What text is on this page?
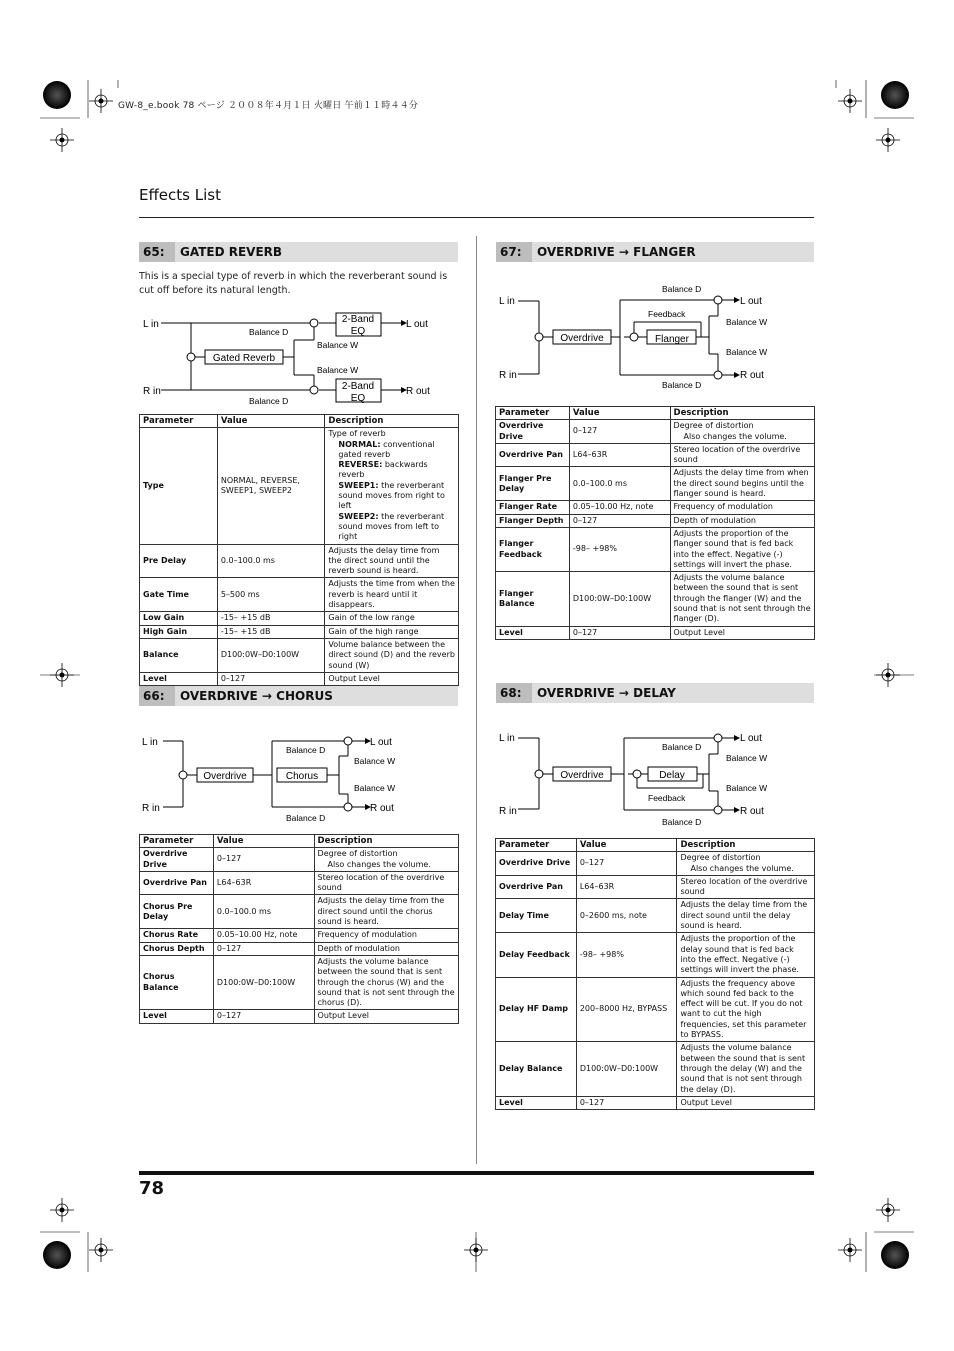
GW-8_e.book 78 ページ ２００８年４月１日 火曜日 午前１１時４４分
Effects List
78
65:	GATED REVERB
This is a special type of reverb in which the reverberant sound is cut off before its natural length.
L in
R in
L out
R out
Gated Reverb
2-Band
EQ
2-Band
EQ
Balance D
Balance D
Balance W
Balance W
Parameter	Value	Description
Type	NORMAL, REVERSE, SWEEP1, SWEEP2	Type of reverb
NORMAL: conventional gated reverb
REVERSE: backwards reverb
SWEEP1: the reverberant sound moves from right to left
SWEEP2: the reverberant sound moves from left to right

Pre Delay	0.0–100.0 ms	Adjusts the delay time from the direct sound until the reverb sound is heard.
Gate Time	5–500 ms	Adjusts the time from when the reverb is heard until it disappears.
Low Gain	-15– +15 dB	Gain of the low range
High Gain	-15– +15 dB	Gain of the high range
Balance	D100:0W–D0:100W	Volume balance between the direct sound (D) and the reverb sound (W)
Level	0–127	Output Level
66:	OVERDRIVE → CHORUS
L in
R in
L out
R out
Overdrive	Chorus
Balance D
Balance D
Balance W
Balance W
Parameter	Value	Description
Overdrive Drive	0–127	Degree of distortion
Also changes the volume.

Overdrive Pan	L64–63R	Stereo location of the overdrive sound
Chorus Pre Delay	0.0–100.0 ms	Adjusts the delay time from the direct sound until the chorus sound is heard.
Chorus Rate	0.05–10.00 Hz, note	Frequency of modulation
Chorus Depth	0–127	Depth of modulation
Chorus Balance	D100:0W–D0:100W	Adjusts the volume balance between the sound that is sent through the chorus (W) and the sound that is not sent through the chorus (D).
Level	0–127	Output Level
67:	OVERDRIVE → FLANGER
L in
R in
L out
R out
Overdrive	Flanger
Feedback
Balance D
Balance D
Balance W
Balance W
Parameter	Value	Description
Overdrive Drive	0–127	Degree of distortion
Also changes the volume.

Overdrive Pan	L64–63R	Stereo location of the overdrive sound
Flanger Pre Delay	0.0–100.0 ms	Adjusts the delay time from when the direct sound begins until the flanger sound is heard.
Flanger Rate	0.05–10.00 Hz, note	Frequency of modulation
Flanger Depth	0–127	Depth of modulation
Flanger Feedback	-98– +98%	Adjusts the proportion of the flanger sound that is fed back into the effect. Negative (-) settings will invert the phase.
Flanger Balance	D100:0W–D0:100W	Adjusts the volume balance between the sound that is sent through the flanger (W) and the sound that is not sent through the flanger (D).
Level	0–127	Output Level
68:	OVERDRIVE → DELAY
L in
R in
L out
R out
Overdrive	Delay
Feedback
Balance D
Balance D
Balance W
Balance W
Parameter	Value	Description
Overdrive Drive	0–127	Degree of distortion
Also changes the volume.

Overdrive Pan	L64–63R	Stereo location of the overdrive sound
Delay Time	0–2600 ms, note	Adjusts the delay time from the direct sound until the delay sound is heard.
Delay Feedback	-98– +98%	Adjusts the proportion of the delay sound that is fed back into the effect. Negative (-) settings will invert the phase.
Delay HF Damp	200–8000 Hz, BYPASS	Adjusts the frequency above which sound fed back to the effect will be cut. If you do not want to cut the high frequencies, set this parameter to BYPASS.
Delay Balance	D100:0W–D0:100W	Adjusts the volume balance between the sound that is sent through the delay (W) and the sound that is not sent through the delay (D).
Level	0–127	Output Level
